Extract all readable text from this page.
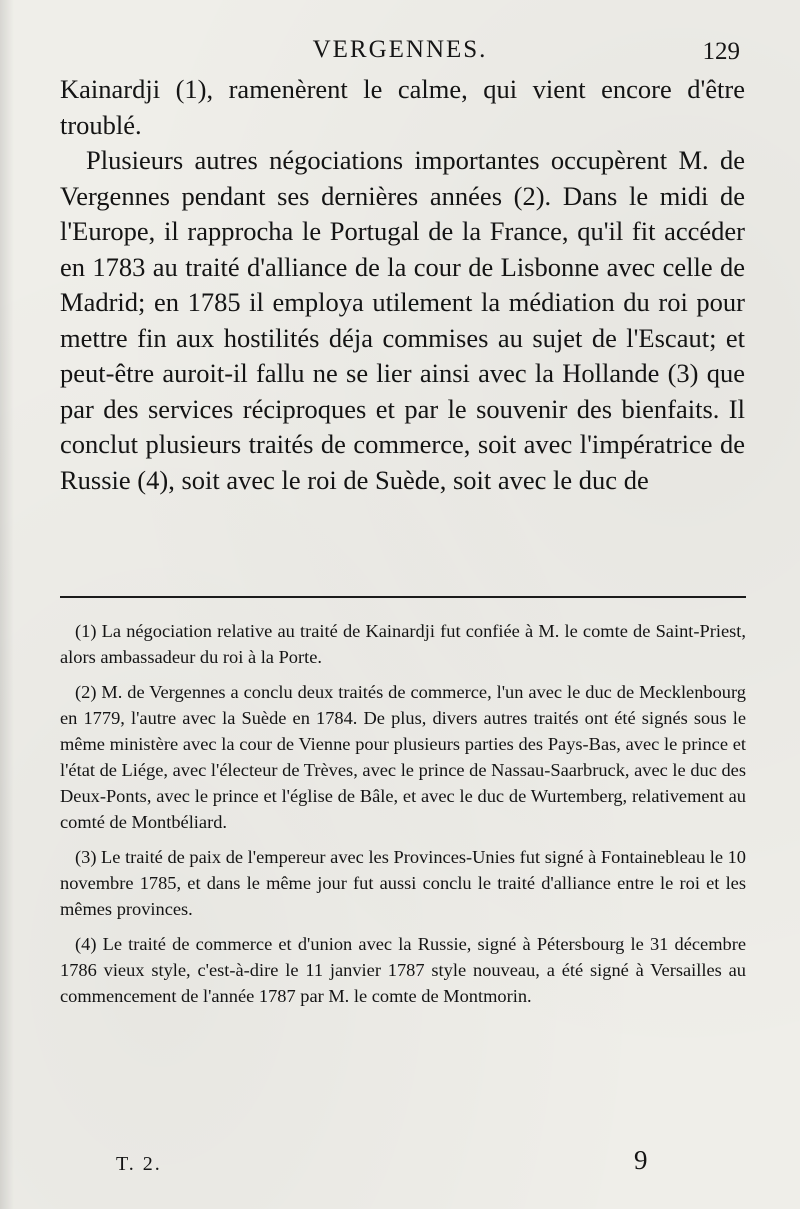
VERGENNES.	129

Kainardji (1), ramenèrent le calme, qui vient encore d'être troublé.

Plusieurs autres négociations importantes occupèrent M. de Vergennes pendant ses dernières années (2). Dans le midi de l'Europe, il rapprocha le Portugal de la France, qu'il fit accéder en 1783 au traité d'alliance de la cour de Lisbonne avec celle de Madrid; en 1785 il employa utilement la médiation du roi pour mettre fin aux hostilités déja commises au sujet de l'Escaut; et peut-être auroit-il fallu ne se lier ainsi avec la Hollande (3) que par des services réciproques et par le souvenir des bienfaits. Il conclut plusieurs traités de commerce, soit avec l'impératrice de Russie (4), soit avec le roi de Suède, soit avec le duc de

(1) La négociation relative au traité de Kainardji fut confiée à M. le comte de Saint-Priest, alors ambassadeur du roi à la Porte.

(2) M. de Vergennes a conclu deux traités de commerce, l'un avec le duc de Mecklenbourg en 1779, l'autre avec la Suède en 1784. De plus, divers autres traités ont été signés sous le même ministère avec la cour de Vienne pour plusieurs parties des Pays-Bas, avec le prince et l'état de Liége, avec l'électeur de Trèves, avec le prince de Nassau-Saarbruck, avec le duc des Deux-Ponts, avec le prince et l'église de Bâle, et avec le duc de Wurtemberg, relativement au comté de Montbéliard.

(3) Le traité de paix de l'empereur avec les Provinces-Unies fut signé à Fontainebleau le 10 novembre 1785, et dans le même jour fut aussi conclu le traité d'alliance entre le roi et les mêmes provinces.

(4) Le traité de commerce et d'union avec la Russie, signé à Pétersbourg le 31 décembre 1786 vieux style, c'est-à-dire le 11 janvier 1787 style nouveau, a été signé à Versailles au commencement de l'année 1787 par M. le comte de Montmorin.

T. 2.	9
